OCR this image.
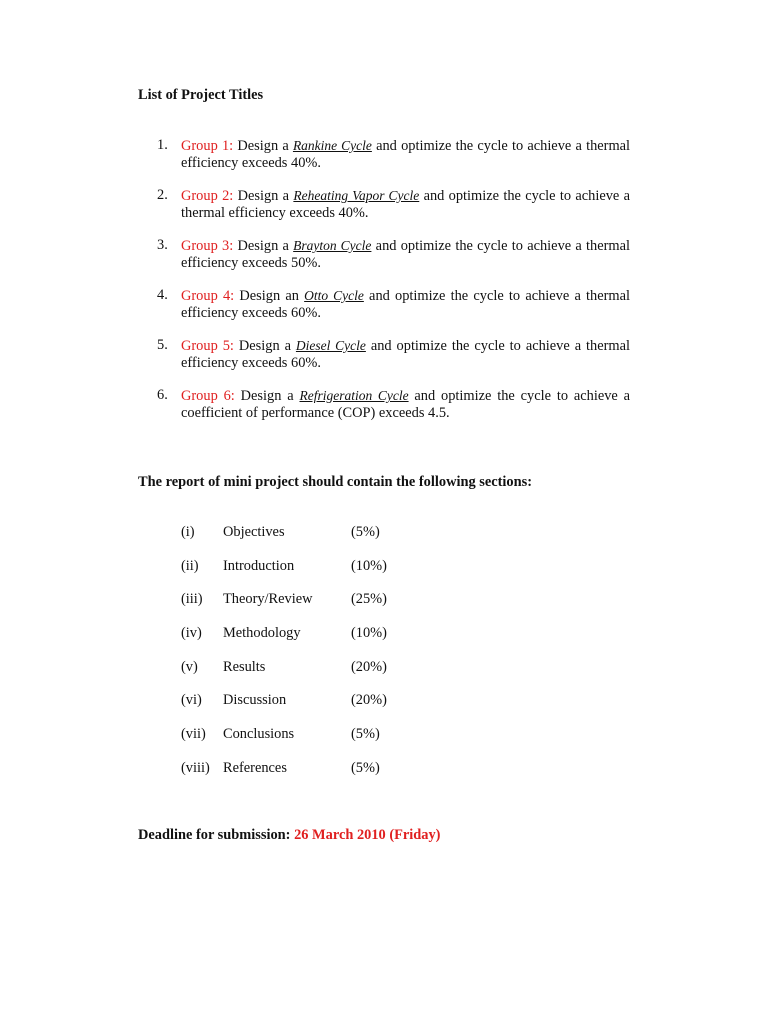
List of Project Titles
1. Group 1: Design a Rankine Cycle and optimize the cycle to achieve a thermal efficiency exceeds 40%.
2. Group 2: Design a Reheating Vapor Cycle and optimize the cycle to achieve a thermal efficiency exceeds 40%.
3. Group 3: Design a Brayton Cycle and optimize the cycle to achieve a thermal efficiency exceeds 50%.
4. Group 4: Design an Otto Cycle and optimize the cycle to achieve a thermal efficiency exceeds 60%.
5. Group 5: Design a Diesel Cycle and optimize the cycle to achieve a thermal efficiency exceeds 60%.
6. Group 6: Design a Refrigeration Cycle and optimize the cycle to achieve a coefficient of performance (COP) exceeds 4.5.
The report of mini project should contain the following sections:
(i) Objectives	(5%)
(ii) Introduction	(10%)
(iii) Theory/Review	(25%)
(iv) Methodology	(10%)
(v) Results	(20%)
(vi) Discussion	(20%)
(vii) Conclusions	(5%)
(viii) References	(5%)
Deadline for submission: 26 March 2010 (Friday)
